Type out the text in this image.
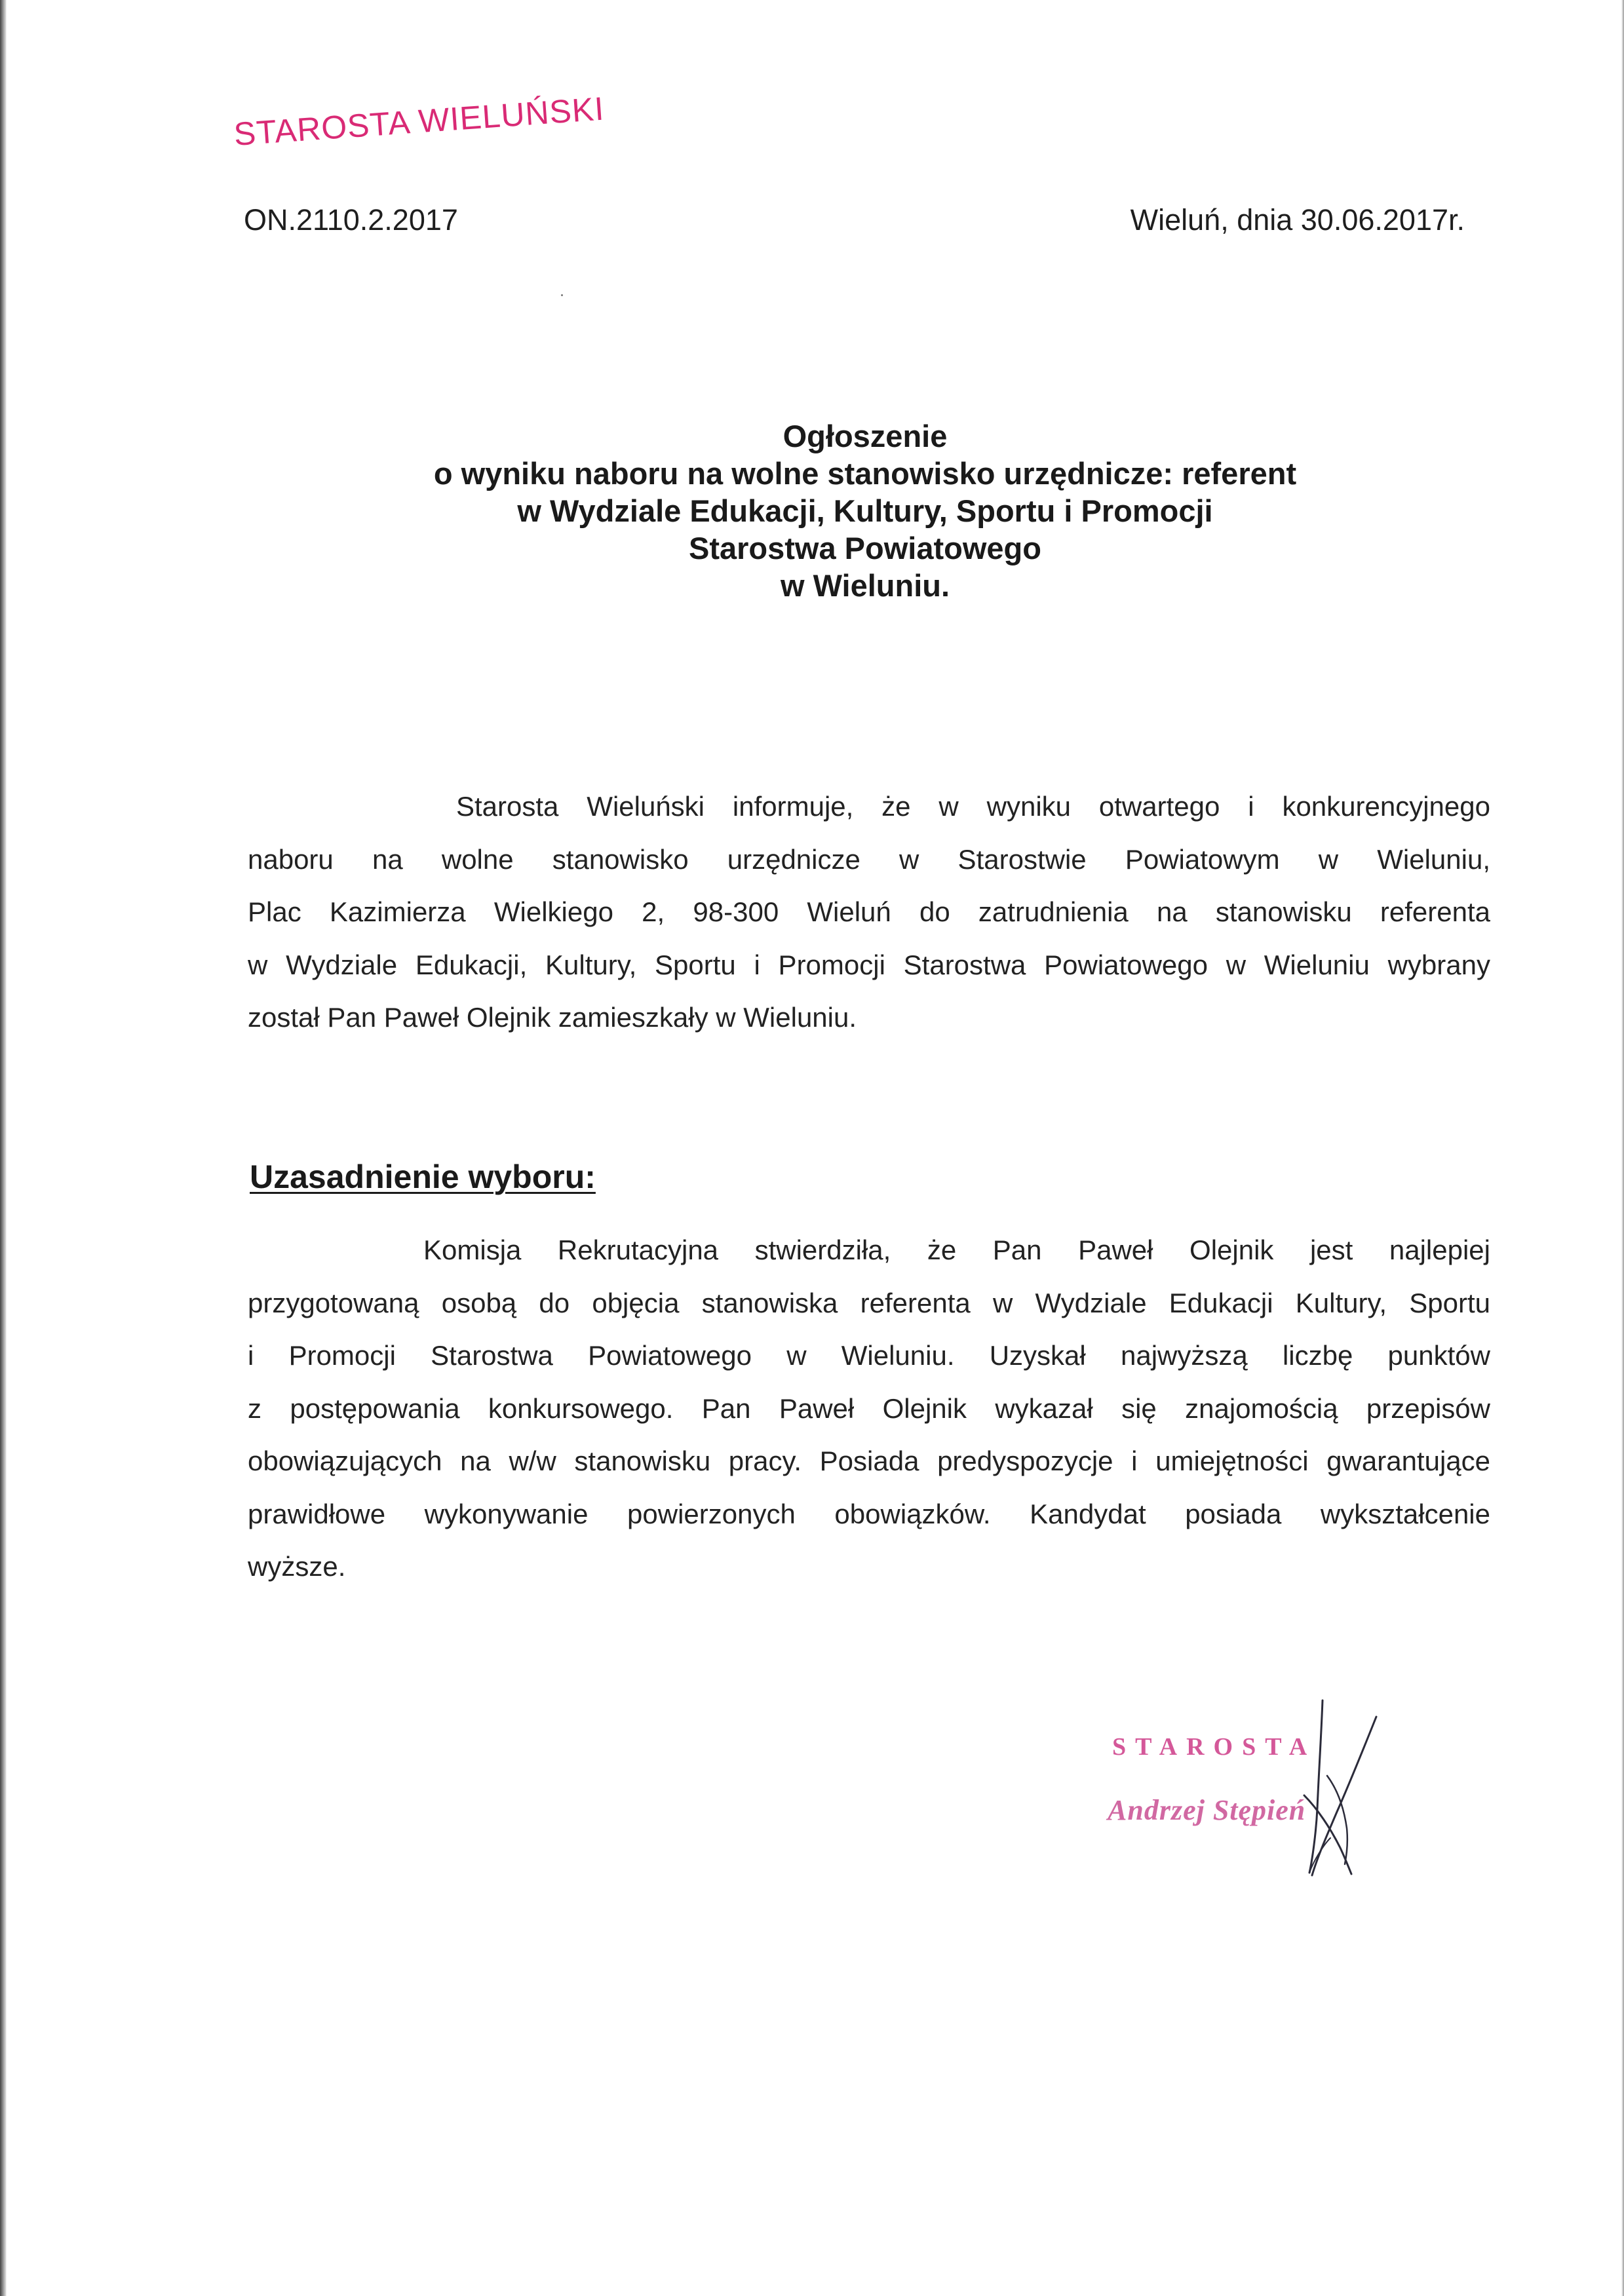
STAROSTA WIELUŃSKI
ON.2110.2.2017	Wieluń, dnia 30.06.2017r.
Ogłoszenie
o wyniku naboru na wolne stanowisko urzędnicze: referent
w Wydziale Edukacji, Kultury, Sportu i Promocji
Starostwa Powiatowego
w Wieluniu.
Starosta Wieluński informuje, że w wyniku otwartego i konkurencyjnego
naboru na wolne stanowisko urzędnicze w Starostwie Powiatowym w Wieluniu,
Plac Kazimierza Wielkiego 2, 98-300 Wieluń do zatrudnienia na stanowisku referenta
w Wydziale Edukacji, Kultury, Sportu i Promocji Starostwa Powiatowego w Wieluniu wybrany
został Pan Paweł Olejnik zamieszkały w Wieluniu.
Uzasadnienie wyboru:
Komisja Rekrutacyjna stwierdziła, że Pan Paweł Olejnik jest najlepiej
przygotowaną osobą do objęcia stanowiska referenta w Wydziale Edukacji Kultury, Sportu
i Promocji Starostwa Powiatowego w Wieluniu. Uzyskał najwyższą liczbę punktów
z postępowania konkursowego. Pan Paweł Olejnik wykazał się znajomością przepisów
obowiązujących na w/w stanowisku pracy. Posiada predyspozycje i umiejętności gwarantujące
prawidłowe wykonywanie powierzonych obowiązków. Kandydat posiada wykształcenie
wyższe.
STAROSTA
Andrzej Stępień
